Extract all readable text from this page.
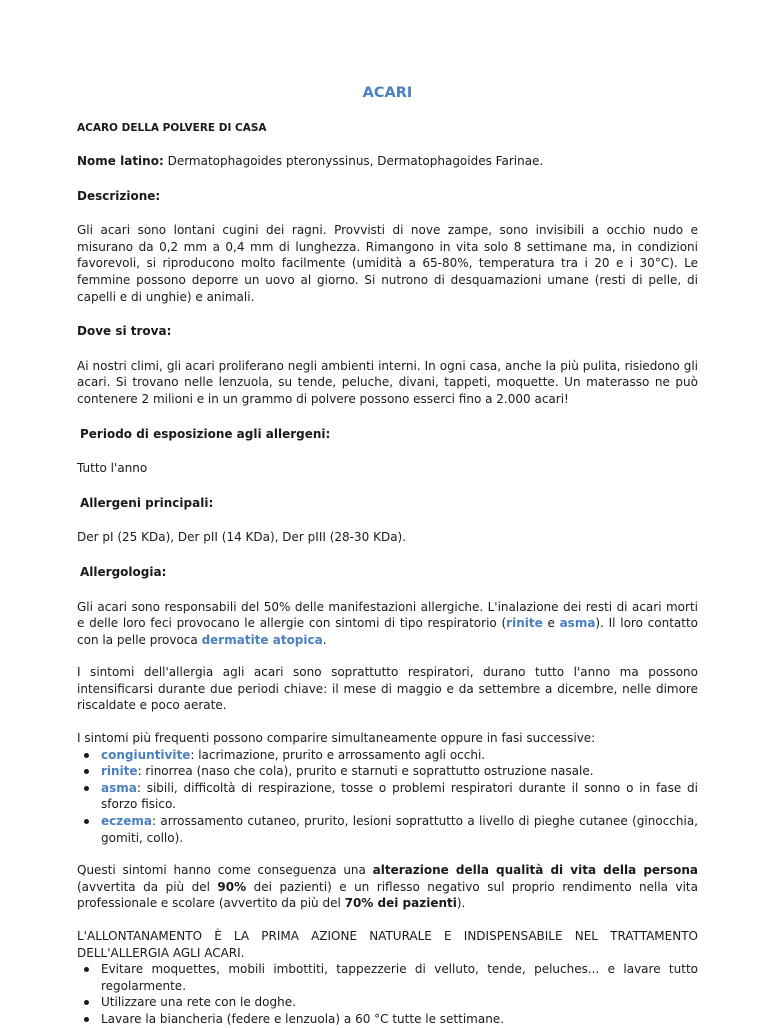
ACARI
ACARO DELLA POLVERE DI CASA

Nome latino: Dermatophagoides pteronyssinus, Dermatophagoides Farinae.

Descrizione:

Gli acari sono lontani cugini dei ragni. Provvisti di nove zampe, sono invisibili a occhio nudo e misurano da 0,2 mm a 0,4 mm di lunghezza. Rimangono in vita solo 8 settimane ma, in condizioni favorevoli, si riproducono molto facilmente (umidità a 65-80%, temperatura tra i 20 e i 30°C). Le femmine possono deporre un uovo al giorno. Si nutrono di desquamazioni umane (resti di pelle, di capelli e di unghie) e animali.

Dove si trova:

Ai nostri climi, gli acari proliferano negli ambienti interni. In ogni casa, anche la più pulita, risiedono gli acari. Si trovano nelle lenzuola, su tende, peluche, divani, tappeti, moquette. Un materasso ne può contenere 2 milioni e in un grammo di polvere possono esserci fino a 2.000 acari!

Periodo di esposizione agli allergeni:

Tutto l'anno

Allergeni principali:

Der pI (25 KDa), Der pII (14 KDa), Der pIII (28-30 KDa).

Allergologia:

Gli acari sono responsabili del 50% delle manifestazioni allergiche. L'inalazione dei resti di acari morti e delle loro feci provocano le allergie con sintomi di tipo respiratorio (rinite e asma). Il loro contatto con la pelle provoca dermatite atopica.

I sintomi dell'allergia agli acari sono soprattutto respiratori, durano tutto l'anno ma possono intensificarsi durante due periodi chiave: il mese di maggio e da settembre a dicembre, nelle dimore riscaldate e poco aerate.

I sintomi più frequenti possono comparire simultaneamente oppure in fasi successive:

congiuntivite: lacrimazione, prurito e arrossamento agli occhi.
rinite: rinorrea (naso che cola), prurito e starnuti e soprattutto ostruzione nasale.
asma: sibili, difficoltà di respirazione, tosse o problemi respiratori durante il sonno o in fase di sforzo fisico.
eczema: arrossamento cutaneo, prurito, lesioni soprattutto a livello di pieghe cutanee (ginocchia, gomiti, collo).

Questi sintomi hanno come conseguenza una alterazione della qualità di vita della persona (avvertita da più del 90% dei pazienti) e un riflesso negativo sul proprio rendimento nella vita professionale e scolare (avvertito da più del 70% dei pazienti).

L'ALLONTANAMENTO È LA PRIMA AZIONE NATURALE E INDISPENSABILE NEL TRATTAMENTO DELL'ALLERGIA AGLI ACARI.

Evitare moquettes, mobili imbottiti, tappezzerie di velluto, tende, peluches... e lavare tutto regolarmente.
Utilizzare una rete con le doghe.
Lavare la biancheria (federe e lenzuola) a 60 °C tutte le settimane.
